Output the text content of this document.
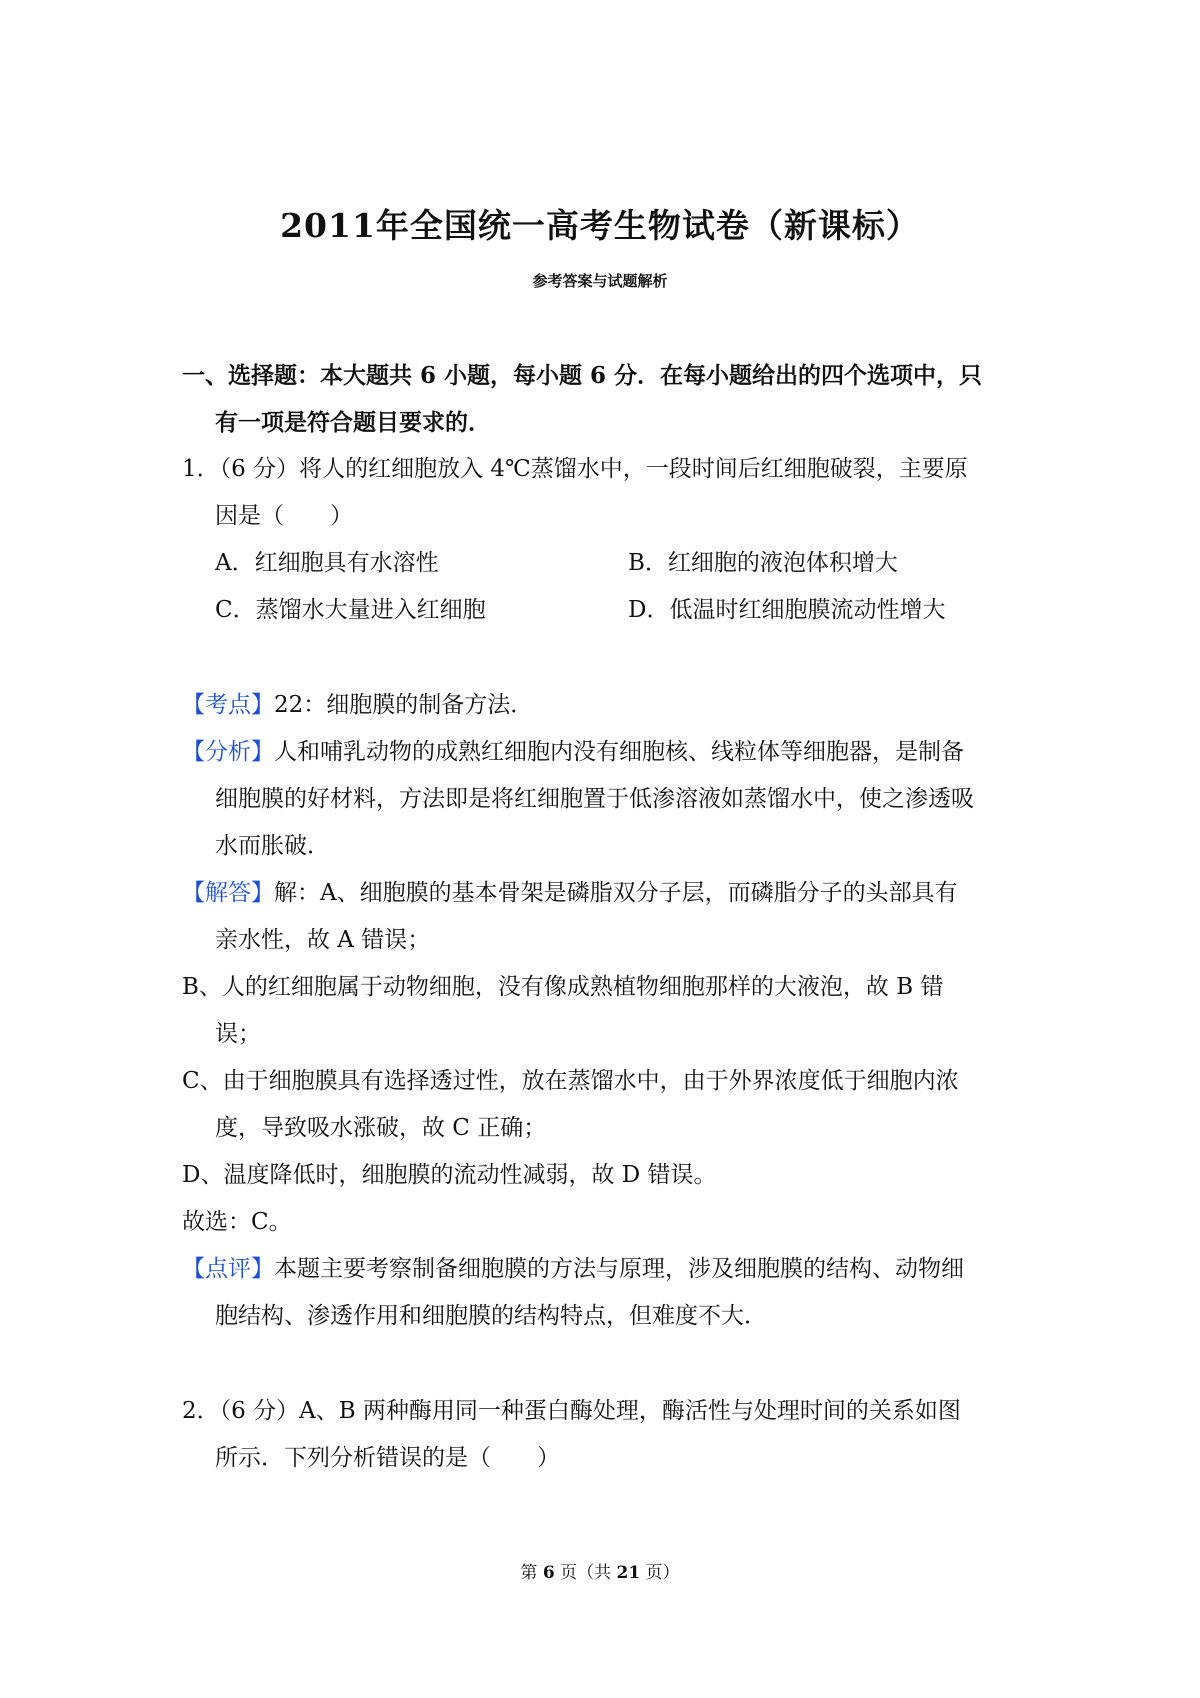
2011年全国统一高考生物试卷（新课标）
参考答案与试题解析
一、选择题：本大题共 6 小题，每小题 6 分．在每小题给出的四个选项中，只
有一项是符合题目要求的．
1．（6 分）将人的红细胞放入 4℃蒸馏水中，一段时间后红细胞破裂，主要原
因是（　　）
A．红细胞具有水溶性	B．红细胞的液泡体积增大
C．蒸馏水大量进入红细胞	D．低温时红细胞膜流动性增大
【考点】22：细胞膜的制备方法．
【分析】人和哺乳动物的成熟红细胞内没有细胞核、线粒体等细胞器，是制备
细胞膜的好材料，方法即是将红细胞置于低渗溶液如蒸馏水中，使之渗透吸
水而胀破．
【解答】解：A、细胞膜的基本骨架是磷脂双分子层，而磷脂分子的头部具有
亲水性，故 A 错误；
B、人的红细胞属于动物细胞，没有像成熟植物细胞那样的大液泡，故 B 错
误；
C、由于细胞膜具有选择透过性，放在蒸馏水中，由于外界浓度低于细胞内浓
度，导致吸水涨破，故 C 正确；
D、温度降低时，细胞膜的流动性减弱，故 D 错误。
故选：C。
【点评】本题主要考察制备细胞膜的方法与原理，涉及细胞膜的结构、动物细
胞结构、渗透作用和细胞膜的结构特点，但难度不大．
2．（6 分）A、B 两种酶用同一种蛋白酶处理，酶活性与处理时间的关系如图
所示．下列分析错误的是（　　）
第 6 页（共 21 页）
